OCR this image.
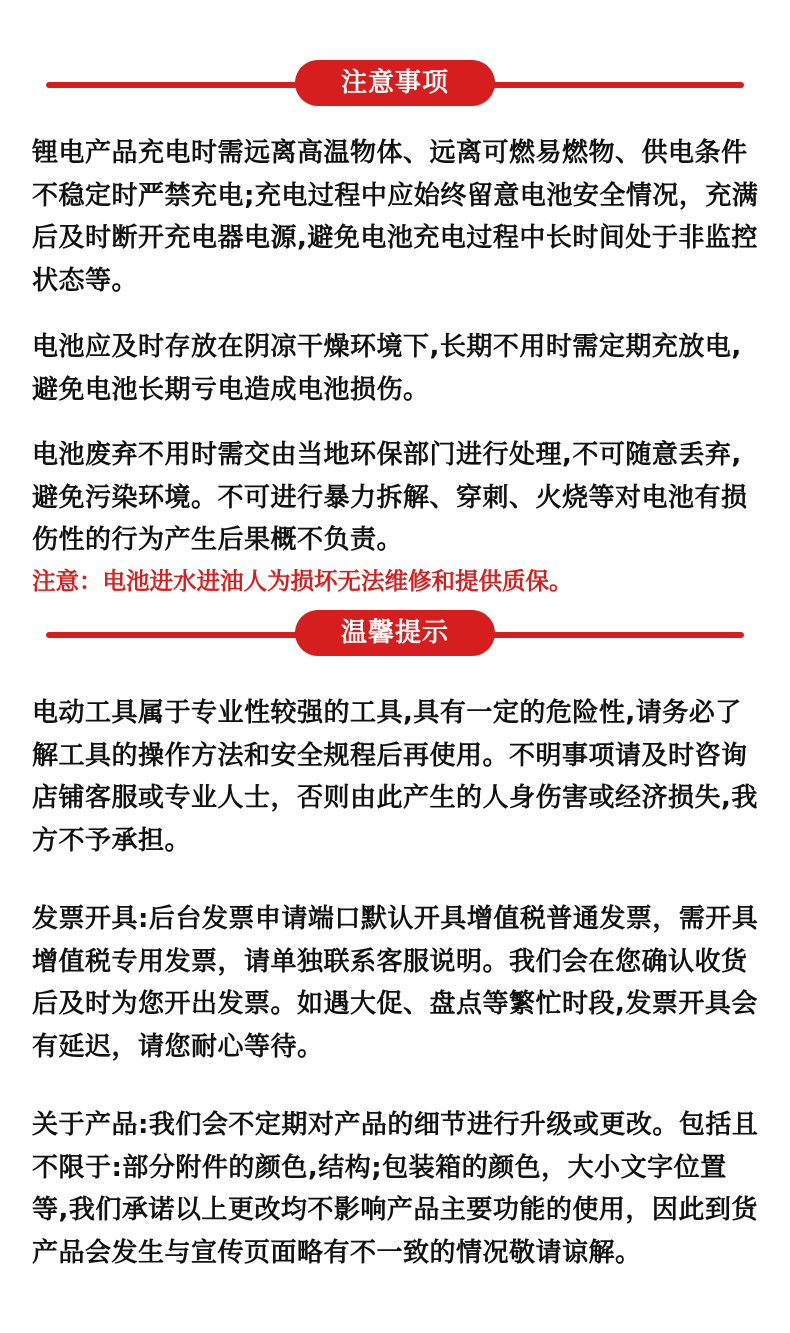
注意事项

锂电产品充电时需远离高温物体、远离可燃易燃物、供电条件不稳定时严禁充电;充电过程中应始终留意电池安全情况，充满后及时断开充电器电源,避免电池充电过程中长时间处于非监控状态等。

电池应及时存放在阴凉干燥环境下,长期不用时需定期充放电,避免电池长期亏电造成电池损伤。

电池废弃不用时需交由当地环保部门进行处理,不可随意丢弃,避免污染环境。不可进行暴力拆解、穿刺、火烧等对电池有损伤性的行为产生后果概不负责。

注意：电池进水进油人为损坏无法维修和提供质保。

温馨提示

电动工具属于专业性较强的工具,具有一定的危险性,请务必了解工具的操作方法和安全规程后再使用。不明事项请及时咨询店铺客服或专业人士，否则由此产生的人身伤害或经济损失,我方不予承担。

发票开具:后台发票申请端口默认开具增值税普通发票，需开具增值税专用发票，请单独联系客服说明。我们会在您确认收货后及时为您开出发票。如遇大促、盘点等繁忙时段,发票开具会有延迟，请您耐心等待。

关于产品:我们会不定期对产品的细节进行升级或更改。包括且不限于:部分附件的颜色,结构;包装箱的颜色，大小文字位置等,我们承诺以上更改均不影响产品主要功能的使用，因此到货产品会发生与宣传页面略有不一致的情况敬请谅解。
